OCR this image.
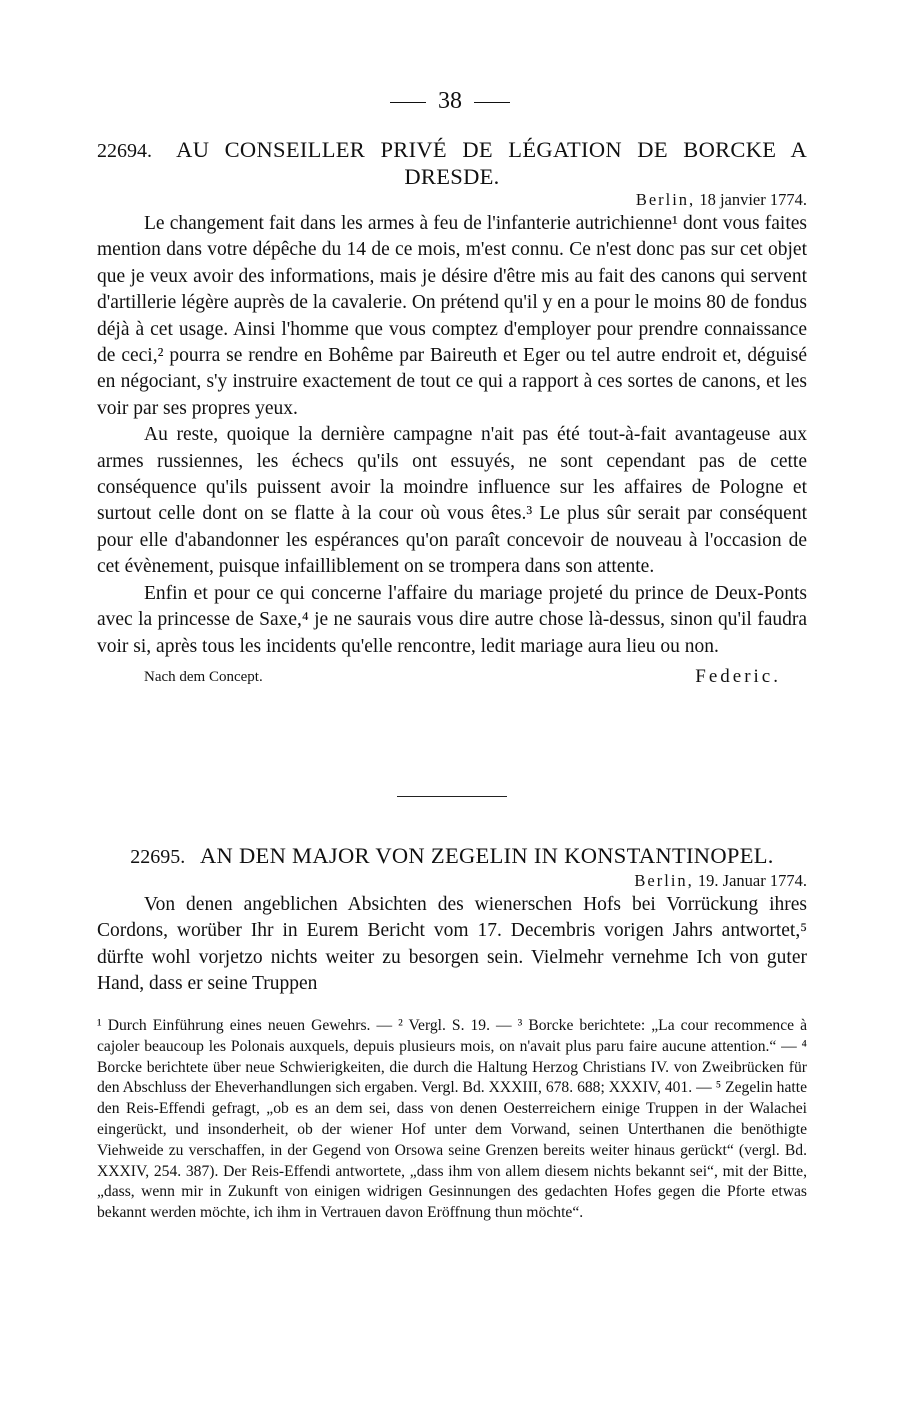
38
22694. AU CONSEILLER PRIVÉ DE LÉGATION DE BORCKE A DRESDE.
Berlin, 18 janvier 1774.

Le changement fait dans les armes à feu de l'infanterie autrichienne¹ dont vous faites mention dans votre dépêche du 14 de ce mois, m'est connu. Ce n'est donc pas sur cet objet que je veux avoir des informations, mais je désire d'être mis au fait des canons qui servent d'artillerie légère auprès de la cavalerie. On prétend qu'il y en a pour le moins 80 de fondus déjà à cet usage. Ainsi l'homme que vous comptez d'employer pour prendre connaissance de ceci,² pourra se rendre en Bohême par Baireuth et Eger ou tel autre endroit et, déguisé en négociant, s'y instruire exactement de tout ce qui a rapport à ces sortes de canons, et les voir par ses propres yeux.

Au reste, quoique la dernière campagne n'ait pas été tout-à-fait avantageuse aux armes russiennes, les échecs qu'ils ont essuyés, ne sont cependant pas de cette conséquence qu'ils puissent avoir la moindre influence sur les affaires de Pologne et surtout celle dont on se flatte à la cour où vous êtes.³ Le plus sûr serait par conséquent pour elle d'abandonner les espérances qu'on paraît concevoir de nouveau à l'occasion de cet évènement, puisque infailliblement on se trompera dans son attente.

Enfin et pour ce qui concerne l'affaire du mariage projeté du prince de Deux-Ponts avec la princesse de Saxe,⁴ je ne saurais vous dire autre chose là-dessus, sinon qu'il faudra voir si, après tous les incidents qu'elle rencontre, ledit mariage aura lieu ou non.

Nach dem Concept.	Federic.
22695. AN DEN MAJOR VON ZEGELIN IN KONSTANTINOPEL.
Berlin, 19. Januar 1774.

Von denen angeblichen Absichten des wienerschen Hofs bei Vorrückung ihres Cordons, worüber Ihr in Eurem Bericht vom 17. Decembris vorigen Jahrs antwortet,⁵ dürfte wohl vorjetzo nichts weiter zu besorgen sein. Vielmehr vernehme Ich von guter Hand, dass er seine Truppen

¹ Durch Einführung eines neuen Gewehrs. — ² Vergl. S. 19. — ³ Borcke berichtete: „La cour recommence à cajoler beaucoup les Polonais auxquels, depuis plusieurs mois, on n'avait plus paru faire aucune attention.“ — ⁴ Borcke berichtete über neue Schwierigkeiten, die durch die Haltung Herzog Christians IV. von Zweibrücken für den Abschluss der Eheverhandlungen sich ergaben. Vergl. Bd. XXXIII, 678. 688; XXXIV, 401. — ⁵ Zegelin hatte den Reis-Effendi gefragt, „ob es an dem sei, dass von denen Oesterreichern einige Truppen in der Walachei eingerückt, und insonderheit, ob der wiener Hof unter dem Vorwand, seinen Unterthanen die benöthigte Viehweide zu verschaffen, in der Gegend von Orsowa seine Grenzen bereits weiter hinaus gerückt“ (vergl. Bd. XXXIV, 254. 387). Der Reis-Effendi antwortete, „dass ihm von allem diesem nichts bekannt sei“, mit der Bitte, „dass, wenn mir in Zukunft von einigen widrigen Gesinnungen des gedachten Hofes gegen die Pforte etwas bekannt werden möchte, ich ihm in Vertrauen davon Eröffnung thun möchte“.
